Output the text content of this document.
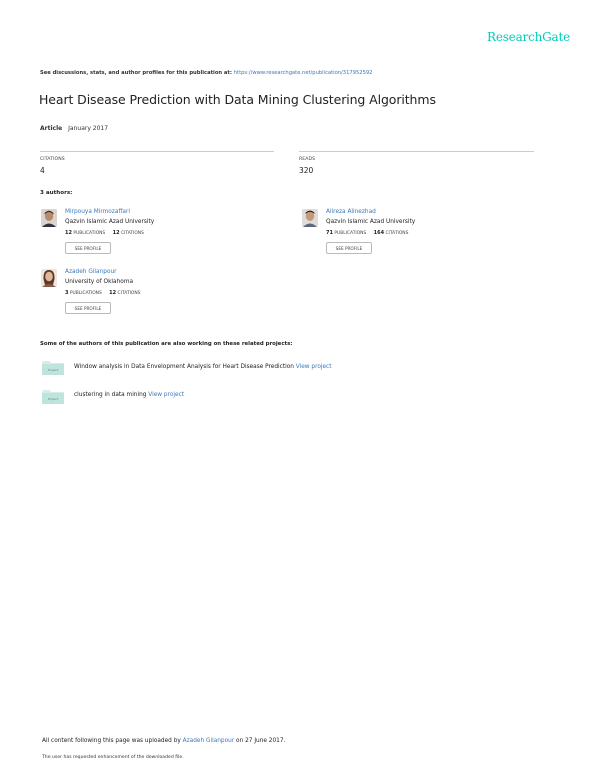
ResearchGate
See discussions, stats, and author profiles for this publication at: https://www.researchgate.net/publication/317952592
Heart Disease Prediction with Data Mining Clustering Algorithms
Article January 2017
CITATIONS
4
READS
320
3 authors:
Mirpouya Mirmozaffari
Qazvin Islamic Azad University
12 PUBLICATIONS 12 CITATIONS
SEE PROFILE
Alireza Alinezhad
Qazvin Islamic Azad University
71 PUBLICATIONS 164 CITATIONS
SEE PROFILE
Azadeh Gilanpour
University of Oklahoma
3 PUBLICATIONS 12 CITATIONS
SEE PROFILE
Some of the authors of this publication are also working on these related projects:
Project	Window analysis in Data Envelopment Analysis for Heart Disease Prediction View project
Project
clustering in data mining View project
All content following this page was uploaded by Azadeh Gilanpour on 27 June 2017.
The user has requested enhancement of the downloaded file.
